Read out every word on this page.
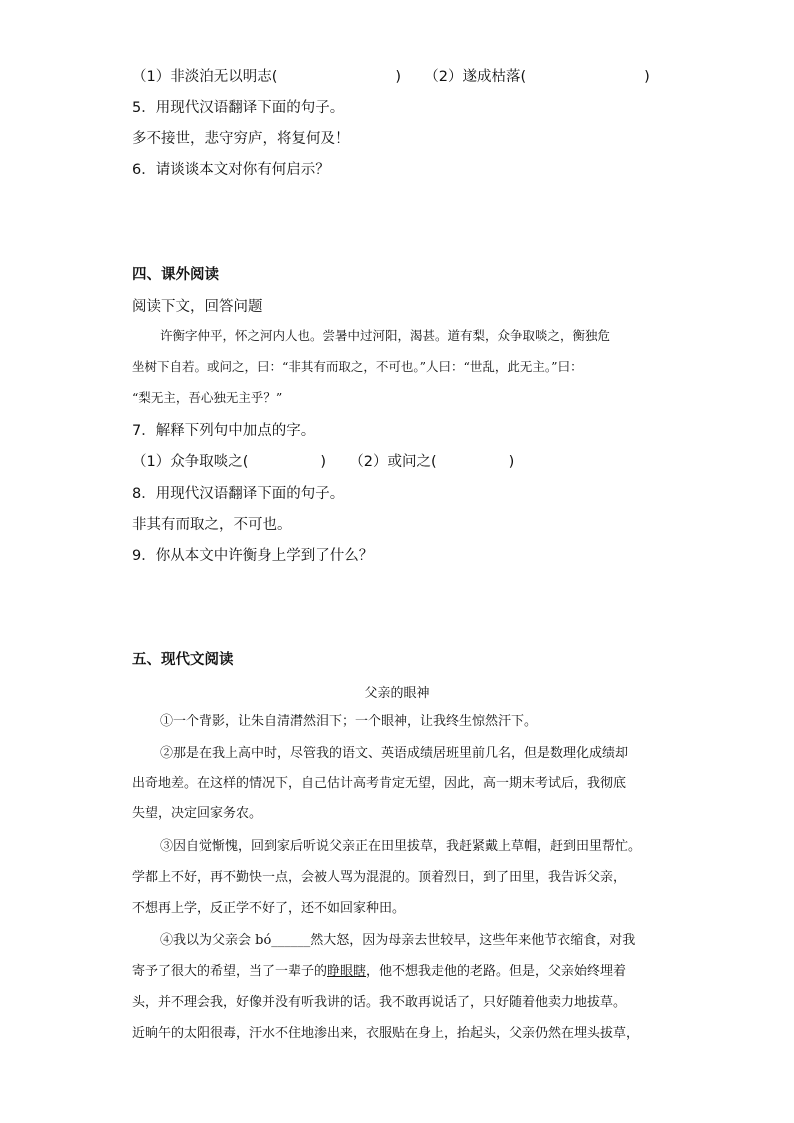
（1）非淡泊无以明志(	) （2）遂成枯落(	)
5．用现代汉语翻译下面的句子。
多不接世，悲守穷庐，将复何及！
6．请谈谈本文对你有何启示？
四、课外阅读
阅读下文，回答问题
许衡字仲平，怀之河内人也。尝暑中过河阳，渴甚。道有梨，众争取啖之，衡独危
坐树下自若。或问之，曰：“非其有而取之，不可也。”人曰：“世乱，此无主。”曰：
“梨无主，吾心独无主乎？”
7．解释下列句中加点的字。
（1）众争取啖之(	) （2）或问之(	)
8．用现代汉语翻译下面的句子。
非其有而取之，不可也。
9．你从本文中许衡身上学到了什么？
五、现代文阅读
父亲的眼神
①一个背影，让朱自清潸然泪下；一个眼神，让我终生惊然汗下。
②那是在我上高中时，尽管我的语文、英语成绩居班里前几名，但是数理化成绩却
出奇地差。在这样的情况下，自己估计高考肯定无望，因此，高一期末考试后，我彻底
失望，决定回家务农。
③因自觉惭愧，回到家后听说父亲正在田里拔草，我赶紧戴上草帽，赶到田里帮忙。
学都上不好，再不勤快一点，会被人骂为混混的。顶着烈日，到了田里，我告诉父亲，
不想再上学，反正学不好了，还不如回家种田。
④我以为父亲会 bó______然大怒，因为母亲去世较早，这些年来他节衣缩食，对我
寄予了很大的希望，当了一辈子的睁眼瞎，他不想我走他的老路。但是，父亲始终埋着
头，并不理会我，好像并没有听我讲的话。我不敢再说话了，只好随着他卖力地拔草。
近晌午的太阳很毒，汗水不住地渗出来，衣服贴在身上，抬起头，父亲仍然在埋头拔草，
